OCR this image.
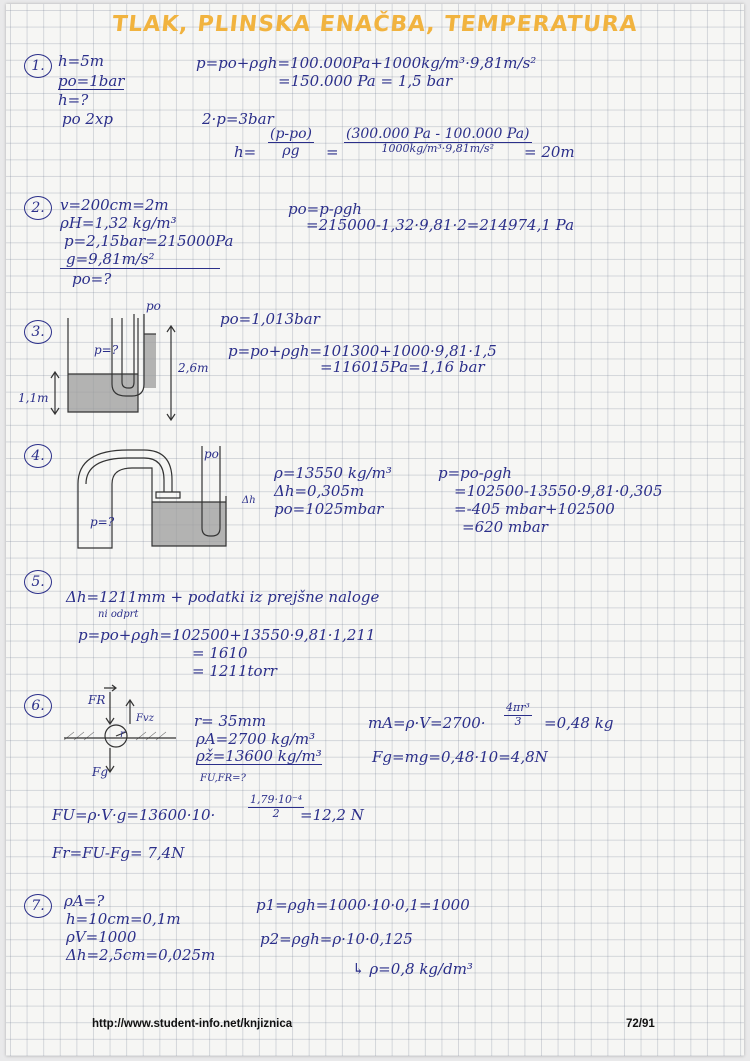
TLAK, PLINSKA ENAČBA, TEMPERATURA
1. h=5m
po=1bar
h=?
po 2xp
p=po+ρgh=100.000Pa+1000kg/m³·9,81m/s²
=150.000 Pa = 1,5 bar
2·p=3bar
$h= \frac{(p-po)}{\rho g}$ =
(300.000 Pa - 100.000 Pa)
1000kg/m³·9,81m/s² = 20m
2.	v=200cm=2m
ρH=1,32 kg/m³
p=2,15bar=215000Pa
g=9,81m/s²
po=?
po=p-ρgh
=215000-1,32·9,81·2=214974,1 Pa
3.
po
p=?
2,6m
1,1m
po=1,013bar
p=po+ρgh=101300+1000·9,81·1,5
=116015Pa=1,16 bar
4.	po
p=?
Δh
ρ=13550 kg/m³
Δh=0,305m
po=1025mbar
p=po-ρgh
=102500-13550·9,81·0,305
=-405 mbar+102500
=620 mbar
5.
Δh=1211mm + podatki iz prejšne naloge
ni odprt
p=po+ρgh=102500+13550·9,81·1,211
= 1610
= 1211torr
6.	FR
Fvz
r
Fg
r= 35mm
ρA=2700 kg/m³
ρž=13600 kg/m³
FU,FR=?
$mA=\rho\cdot V=2700\cdot \frac{\text{4πr³}}{3} =0,48$ kg
Fg=mg=0,48·10=4,8N
FU=ρ·V·g=13600·10·	$\frac{\text{1,79·10⁻⁴}}{2}$
=12,2 N
Fr=FU-Fg= 7,4N
7.	ρA=?
h=10cm=0,1m
ρV=1000
Δh=2,5cm=0,025m
p1=ρgh=1000·10·0,1=1000
p2=ρgh=ρ·10·0,125
↳ ρ=0,8 kg/dm³
http://www.student-info.net/knjiznica	72/91
